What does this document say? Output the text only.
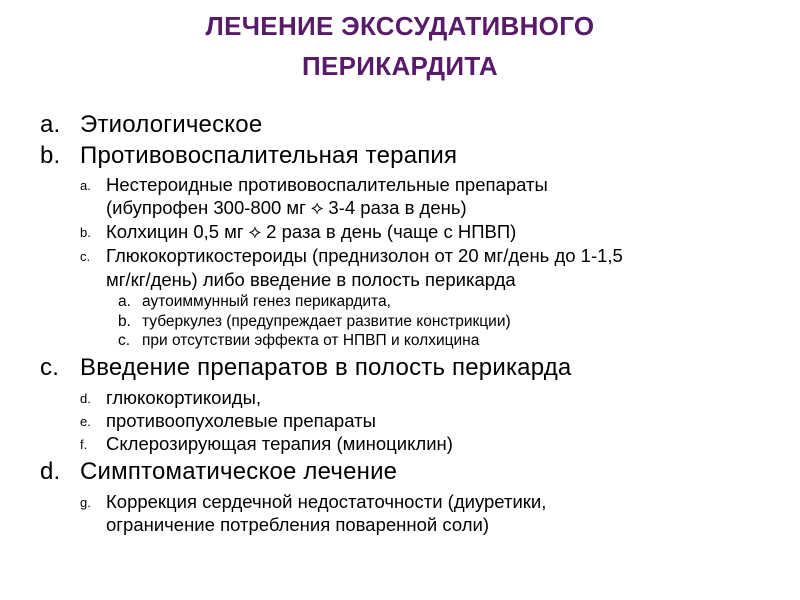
ЛЕЧЕНИЕ ЭКССУДАТИВНОГО
ПЕРИКАРДИТА
a. Этиологическое
b. Противовоспалительная терапия
a. Нестероидные противовоспалительные препараты
(ибупрофен 300-800 мг ⟡ 3-4 раза в день)
b. Колхицин 0,5 мг ⟡ 2 раза в день (чаще с НПВП)
c. Глюкокортикостероиды (преднизолон от 20 мг/день до 1-1,5
мг/кг/день) либо введение в полость перикарда
a. аутоиммунный генез перикардита,
b. туберкулез (предупреждает развитие констрикции)
c. при отсутствии эффекта от НПВП и колхицина
c. Введение препаратов в полость перикарда
d. глюкокортикоиды,
e. противоопухолевые препараты
f. Склерозирующая терапия (миноциклин)
d. Симптоматическое лечение
g. Коррекция сердечной недостаточности (диуретики,
ограничение потребления поваренной соли)
